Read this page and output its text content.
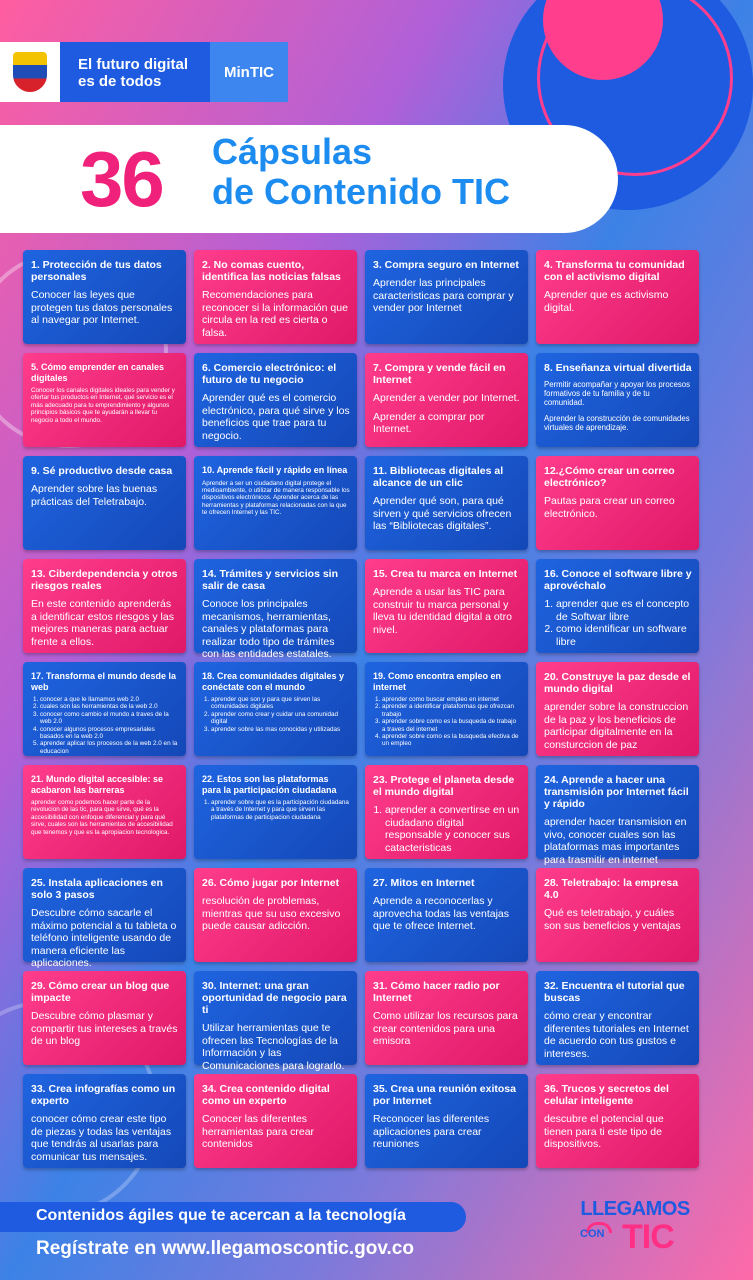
El futuro digital
es de todos
MinTIC
36 Cápsulas
de Contenido TIC
1. Protección de tus datos personales
Conocer las leyes que protegen tus datos personales al navegar por Internet.
2. No comas cuento, identifica las noticias falsas
Recomendaciones para reconocer si la información que circula en la red es cierta o falsa.
3. Compra seguro en Internet
Aprender las principales caracteristicas para comprar y vender por Internet
4. Transforma tu comunidad con el activismo digital
Aprender que es activismo digital.
5. Cómo emprender en canales digitales
Conocer los canales digitales ideales para vender y ofertar tus productos en Internet, qué servicio es el más adecuado para tu emprendimiento y algunos principios básicos que te ayudarán a llevar tu negocio a todo el mundo.
6. Comercio electrónico: el futuro de tu negocio
Aprender qué es el comercio electrónico, para qué sirve y los beneficios que trae para tu negocio.
7. Compra y vende fácil en Internet
Aprender a vender por Internet.
Aprender a comprar por Internet.
8. Enseñanza virtual divertida
Permitir acompañar y apoyar los procesos formativos de tu familia y de tu comunidad.
Aprender la construcción de comunidades virtuales de aprendizaje.
9. Sé productivo desde casa
Aprender sobre las buenas prácticas del Teletrabajo.
10. Aprende fácil y rápido en línea
Aprender a ser un ciudadano digital protege el medioambiente, o utilizar de manera responsable los dispositivos electrónicos. Aprender acerca de las herramientas y plataformas relacionadas con la que te ofrecen Internet y las TIC.
11. Bibliotecas digitales al alcance de un clic
Aprender qué son, para qué sirven y qué servicios ofrecen las “Bibliotecas digitales”.
12.¿Cómo crear un correo electrónico?
Pautas para crear un correo electrónico.
13. Ciberdependencia y otros riesgos reales
En este contenido aprenderás a identificar estos riesgos y las mejores maneras para actuar frente a ellos.
14. Trámites y servicios sin salir de casa
Conoce los principales mecanismos, herramientas, canales y plataformas para realizar todo tipo de trámites con las entidades estatales.
15. Crea tu marca en Internet
Aprende a usar las TIC para construir tu marca personal y lleva tu identidad digital a otro nivel.
16. Conoce el software libre y aprovéchalo
1. aprender que es el concepto de Softwar libre
2. como identificar un software libre
17. Transforma el mundo desde la web
1. conocer a que le llamamos web 2.0
2. cuales son las herramientas de la web 2.0
3. conocer como cambio el mundo a traves de la web 2.0
4. conocer algunos procesos empresariales basados en la web 2.0
5. aprender aplicar los procesos de la web 2.0 en la educacion
18. Crea comunidades digitales y conéctate con el mundo
1. aprender que son y para que sirven las comunidades digitales
2. aprender como crear y cuidar una comunidad digital
3. aprender sobre las mas conocidas y utilizadas
19. Como encontra empleo en internet
1. aprender como buscar empleo en internet
2. aprender a identificar plataformas que ofrezcan trabajo
3. aprender sobre como es la busqueda de trabajo a traves del internet
4. aprender sobre como es la busqueda efectiva de un empleo
20. Construye la paz desde el mundo digital
aprender sobre la construccion de la paz y los beneficios de participar digitalmente en la consturccion de paz
21. Mundo digital accesible: se acabaron las barreras
aprender como podemos hacer parte de la revolucion de las tic, para que sirve, qué es la accesibilidad con enfoque diferencial y para qué sirve, cuales son las herramientas de accesibilidad que tenemos y que es la apropiacion tecnologica.
22. Estos son las plataformas para la participación ciudadana
1. aprender sobre que es la participación ciudadana a través de Internet y para que sirven las plataformas de participacion ciudadana
23. Protege el planeta desde el mundo digital
1. aprender a convertirse en un ciudadano digital responsable y conocer sus catacteristicas
24. Aprende a hacer una transmisión por Internet fácil y rápido
aprender hacer transmision en vivo, conocer cuales son las plataformas mas importantes para trasmitir en internet
25. Instala aplicaciones en solo 3 pasos
Descubre cómo sacarle el máximo potencial a tu tableta o teléfono inteligente usando de manera eficiente las aplicaciones.
26. Cómo jugar por Internet
resolución de problemas, mientras que su uso excesivo puede causar adicción.
27. Mitos en Internet
Aprende a reconocerlas y aprovecha todas las ventajas que te ofrece Internet.
28. Teletrabajo: la empresa 4.0
Qué es teletrabajo, y cuáles son sus beneficios y ventajas
29. Cómo crear un blog que impacte
Descubre cómo plasmar y compartir tus intereses a través de un blog
30. Internet: una gran oportunidad de negocio para ti
Utilizar herramientas que te ofrecen las Tecnologías de la Información y las Comunicaciones para lograrlo.
31. Cómo hacer radio por Internet
Como utilizar los recursos para crear contenidos para una emisora
32. Encuentra el tutorial que buscas
cómo crear y encontrar diferentes tutoriales en Internet de acuerdo con tus gustos e intereses.
33. Crea infografías como un experto
conocer cómo crear este tipo de piezas y todas las ventajas que tendrás al usarlas para comunicar tus mensajes.
34. Crea contenido digital como un experto
Conocer las diferentes herramientas para crear contenidos
35. Crea una reunión exitosa por Internet
Reconocer las diferentes aplicaciones para crear reuniones
36. Trucos y secretos del celular inteligente
descubre el potencial que tienen para ti este tipo de dispositivos.
Contenidos ágiles que te acercan a la tecnología
Regístrate en www.llegamoscontic.gov.co
LLEGAMOS
CON TIC
